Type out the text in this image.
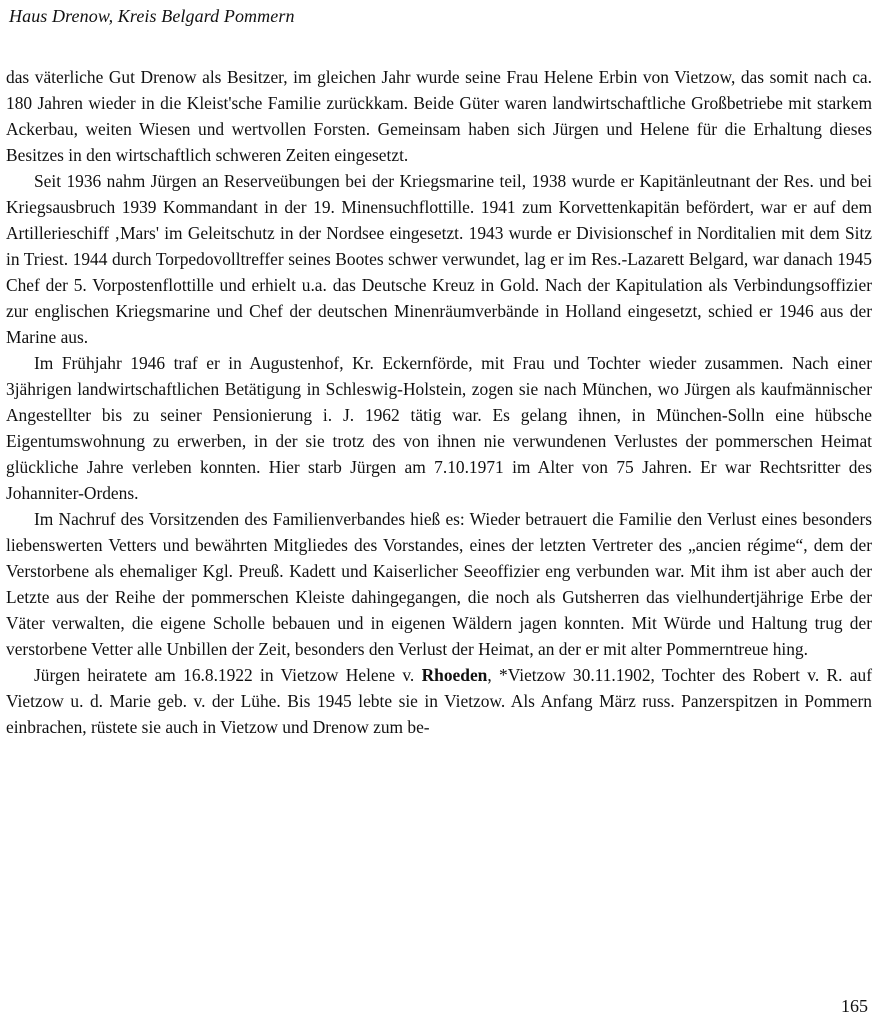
Haus Drenow, Kreis Belgard Pommern

das väterliche Gut Drenow als Besitzer, im gleichen Jahr wurde seine Frau Helene Erbin von Vietzow, das somit nach ca. 180 Jahren wieder in die Kleist'sche Familie zurückkam. Beide Güter waren landwirtschaftliche Großbetriebe mit starkem Ackerbau, weiten Wiesen und wertvollen Forsten. Gemeinsam haben sich Jürgen und Helene für die Erhaltung dieses Besitzes in den wirtschaftlich schweren Zeiten eingesetzt.

Seit 1936 nahm Jürgen an Reserveübungen bei der Kriegsmarine teil, 1938 wurde er Kapitänleutnant der Res. und bei Kriegsausbruch 1939 Kommandant in der 19. Minensuchflottille. 1941 zum Korvettenkapitän befördert, war er auf dem Artillerieschiff ‚Mars' im Geleitschutz in der Nordsee eingesetzt. 1943 wurde er Divisionschef in Norditalien mit dem Sitz in Triest. 1944 durch Torpedovolltreffer seines Bootes schwer verwundet, lag er im Res.-Lazarett Belgard, war danach 1945 Chef der 5. Vorpostenflottille und erhielt u.a. das Deutsche Kreuz in Gold. Nach der Kapitulation als Verbindungsoffizier zur englischen Kriegsmarine und Chef der deutschen Minenräumverbände in Holland eingesetzt, schied er 1946 aus der Marine aus.

Im Frühjahr 1946 traf er in Augustenhof, Kr. Eckernförde, mit Frau und Tochter wieder zusammen. Nach einer 3jährigen landwirtschaftlichen Betätigung in Schleswig-Holstein, zogen sie nach München, wo Jürgen als kaufmännischer Angestellter bis zu seiner Pensionierung i. J. 1962 tätig war. Es gelang ihnen, in München-Solln eine hübsche Eigentumswohnung zu erwerben, in der sie trotz des von ihnen nie verwundenen Verlustes der pommerschen Heimat glückliche Jahre verleben konnten. Hier starb Jürgen am 7.10.1971 im Alter von 75 Jahren. Er war Rechtsritter des Johanniter-Ordens.

Im Nachruf des Vorsitzenden des Familienverbandes hieß es: Wieder betrauert die Familie den Verlust eines besonders liebenswerten Vetters und bewährten Mitgliedes des Vorstandes, eines der letzten Vertreter des „ancien régime“, dem der Verstorbene als ehemaliger Kgl. Preuß. Kadett und Kaiserlicher Seeoffizier eng verbunden war. Mit ihm ist aber auch der Letzte aus der Reihe der pommerschen Kleiste dahingegangen, die noch als Gutsherren das vielhundertjährige Erbe der Väter verwalten, die eigene Scholle bebauen und in eigenen Wäldern jagen konnten. Mit Würde und Haltung trug der verstorbene Vetter alle Unbillen der Zeit, besonders den Verlust der Heimat, an der er mit alter Pommerntreue hing.

Jürgen heiratete am 16.8.1922 in Vietzow Helene v. Rhoeden, *Vietzow 30.11.1902, Tochter des Robert v. R. auf Vietzow u. d. Marie geb. v. der Lühe. Bis 1945 lebte sie in Vietzow. Als Anfang März russ. Panzerspitzen in Pommern einbrachen, rüstete sie auch in Vietzow und Drenow zum be-

165
